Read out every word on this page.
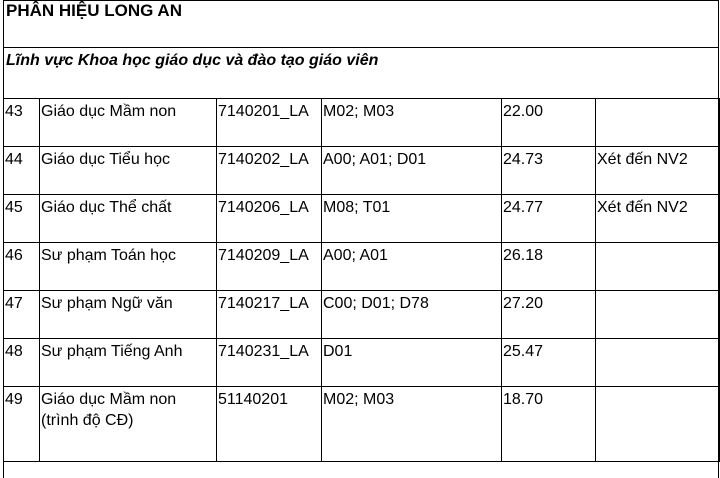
PHÂN HIỆU LONG AN
Lĩnh vực Khoa học giáo dục và đào tạo giáo viên
43	Giáo dục Mầm non	7140201_LA	M02; M03	22.00	
44	Giáo dục Tiểu học	7140202_LA	A00; A01; D01	24.73	Xét đến NV2
45	Giáo dục Thể chất	7140206_LA	M08; T01	24.77	Xét đến NV2
46	Sư phạm Toán học	7140209_LA	A00; A01	26.18	
47	Sư phạm Ngữ văn	7140217_LA	C00; D01; D78	27.20	
48	Sư phạm Tiếng Anh	7140231_LA	D01	25.47	
49	Giáo dục Mầm non (trình độ CĐ)	51140201	M02; M03	18.70	
